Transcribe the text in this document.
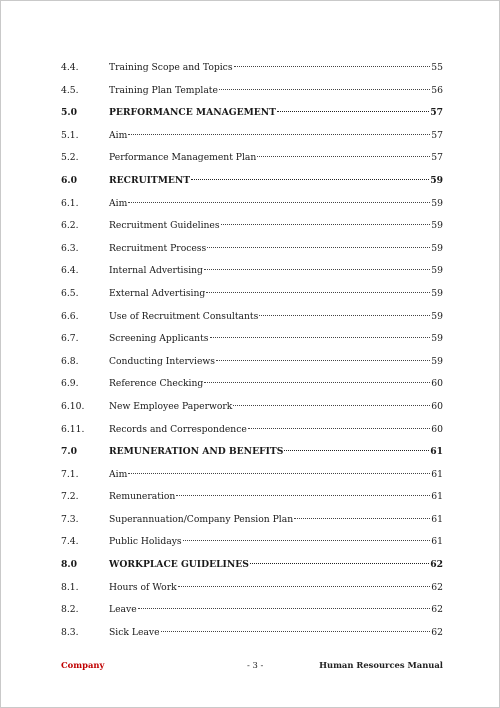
4.4.	Training Scope and Topics	55
4.5.	Training Plan Template	56
5.0	PERFORMANCE MANAGEMENT	57
5.1.	Aim	57
5.2.	Performance Management Plan	57
6.0	RECRUITMENT	59
6.1.	Aim	59
6.2.	Recruitment Guidelines	59
6.3.	Recruitment Process	59
6.4.	Internal Advertising	59
6.5.	External Advertising	59
6.6.	Use of Recruitment Consultants	59
6.7.	Screening Applicants	59
6.8.	Conducting Interviews	59
6.9.	Reference Checking	60
6.10.	New Employee Paperwork	60
6.11.	Records and Correspondence	60
7.0	REMUNERATION AND BENEFITS	61
7.1.	Aim	61
7.2.	Remuneration	61
7.3.	Superannuation/Company Pension Plan	61
7.4.	Public Holidays	61
8.0	WORKPLACE GUIDELINES	62
8.1.	Hours of Work	62
8.2.	Leave	62
8.3.	Sick Leave	62
Company	- 3 -	Human Resources Manual
